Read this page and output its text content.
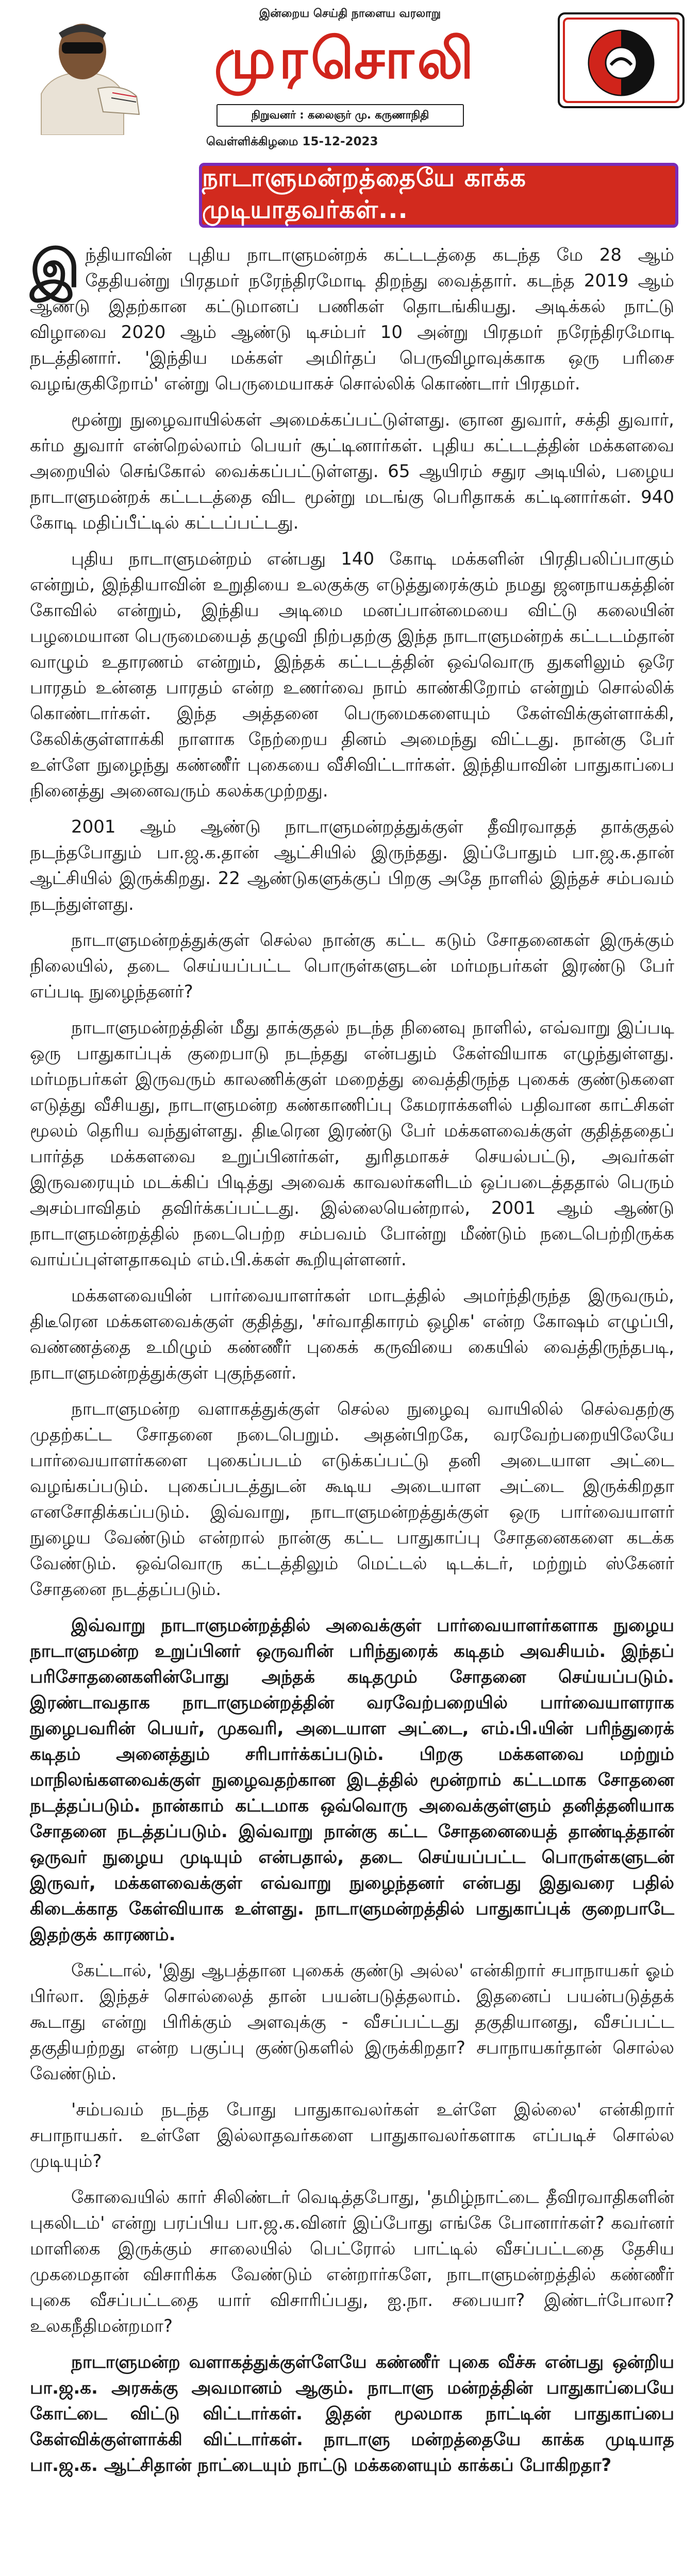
இன்றைய செய்தி நாளைய வரலாறு
முரசொலி
நிறுவனர் : கலைஞர் மு. கருணாநிதி
வெள்ளிக்கிழமை 15-12-2023
நாடாளுமன்றத்தையே காக்க முடியாதவர்கள்...

இந்தியாவின் புதிய நாடாளுமன்றக் கட்டடத்தை கடந்த மே 28 ஆம் தேதியன்று பிரதமர் நரேந்திரமோடி திறந்து வைத்தார். கடந்த 2019 ஆம் ஆண்டு இதற்கான கட்டுமானப் பணிகள் தொடங்கியது. அடிக்கல் நாட்டு விழாவை 2020 ஆம் ஆண்டு டிசம்பர் 10 அன்று பிரதமர் நரேந்திரமோடி நடத்தினார். 'இந்திய மக்கள் அமிர்தப் பெருவிழாவுக்காக ஒரு பரிசை வழங்குகிறோம்' என்று பெருமையாகச் சொல்லிக் கொண்டார் பிரதமர்.

மூன்று நுழைவாயில்கள் அமைக்கப்பட்டுள்ளது. ஞான துவார், சக்தி துவார், கர்ம துவார் என்றெல்லாம் பெயர் சூட்டினார்கள். புதிய கட்டடத்தின் மக்களவை அறையில் செங்கோல் வைக்கப்பட்டுள்ளது. 65 ஆயிரம் சதுர அடியில், பழைய நாடாளுமன்றக் கட்டடத்தை விட மூன்று மடங்கு பெரிதாகக் கட்டினார்கள். 940 கோடி மதிப்பீட்டில் கட்டப்பட்டது.

புதிய நாடாளுமன்றம் என்பது 140 கோடி மக்களின் பிரதிபலிப்பாகும் என்றும், இந்தியாவின் உறுதியை உலகுக்கு எடுத்துரைக்கும் நமது ஜனநாயகத்தின் கோவில் என்றும், இந்திய அடிமை மனப்பான்மையை விட்டு கலையின் பழமையான பெருமையைத் தழுவி நிற்பதற்கு இந்த நாடாளுமன்றக் கட்டடம்தான் வாழும் உதாரணம் என்றும், இந்தக் கட்டடத்தின் ஒவ்வொரு துகளிலும் ஒரே பாரதம் உன்னத பாரதம் என்ற உணர்வை நாம் காண்கிறோம் என்றும் சொல்லிக் கொண்டார்கள். இந்த அத்தனை பெருமைகளையும் கேள்விக்குள்ளாக்கி, கேலிக்குள்ளாக்கி நாளாக நேற்றைய தினம் அமைந்து விட்டது. நான்கு பேர் உள்ளே நுழைந்து கண்ணீர் புகையை வீசிவிட்டார்கள். இந்தியாவின் பாதுகாப்பை நினைத்து அனைவரும் கலக்கமுற்றது.

2001 ஆம் ஆண்டு நாடாளுமன்றத்துக்குள் தீவிரவாதத் தாக்குதல் நடந்தபோதும் பா.ஜ.க.தான் ஆட்சியில் இருந்தது. இப்போதும் பா.ஜ.க.தான் ஆட்சியில் இருக்கிறது. 22 ஆண்டுகளுக்குப் பிறகு அதே நாளில் இந்தச் சம்பவம் நடந்துள்ளது.

நாடாளுமன்றத்துக்குள் செல்ல நான்கு கட்ட கடும் சோதனைகள் இருக்கும் நிலையில், தடை செய்யப்பட்ட பொருள்களுடன் மர்மநபர்கள் இரண்டு பேர் எப்படி நுழைந்தனர்?

நாடாளுமன்றத்தின் மீது தாக்குதல் நடந்த நினைவு நாளில், எவ்வாறு இப்படி ஒரு பாதுகாப்புக் குறைபாடு நடந்தது என்பதும் கேள்வியாக எழுந்துள்ளது. மர்மநபர்கள் இருவரும் காலணிக்குள் மறைத்து வைத்திருந்த புகைக் குண்டுகளை எடுத்து வீசியது, நாடாளுமன்ற கண்காணிப்பு கேமராக்களில் பதிவான காட்சிகள் மூலம் தெரிய வந்துள்ளது. திடீரென இரண்டு பேர் மக்களவைக்குள் குதித்ததைப் பார்த்த மக்களவை உறுப்பினர்கள், துரிதமாகச் செயல்பட்டு, அவர்கள் இருவரையும் மடக்கிப் பிடித்து அவைக் காவலர்களிடம் ஒப்படைத்ததால் பெரும் அசம்பாவிதம் தவிர்க்கப்பட்டது. இல்லையென்றால், 2001 ஆம் ஆண்டு நாடாளுமன்றத்தில் நடைபெற்ற சம்பவம் போன்று மீண்டும் நடைபெற்றிருக்க வாய்ப்புள்ளதாகவும் எம்.பி.க்கள் கூறியுள்ளனர்.

மக்களவையின் பார்வையாளர்கள் மாடத்தில் அமர்ந்திருந்த இருவரும், திடீரென மக்களவைக்குள் குதித்து, 'சர்வாதிகாரம் ஒழிக' என்ற கோஷம் எழுப்பி, வண்ணத்தை உமிழும் கண்ணீர் புகைக் கருவியை கையில் வைத்திருந்தபடி, நாடாளுமன்றத்துக்குள் புகுந்தனர்.

நாடாளுமன்ற வளாகத்துக்குள் செல்ல நுழைவு வாயிலில் செல்வதற்கு முதற்கட்ட சோதனை நடைபெறும். அதன்பிறகே, வரவேற்பறையிலேயே பார்வையாளர்களை புகைப்படம் எடுக்கப்பட்டு தனி அடையாள அட்டை வழங்கப்படும். புகைப்படத்துடன் கூடிய அடையாள அட்டை இருக்கிறதா எனசோதிக்கப்படும். இவ்வாறு, நாடாளுமன்றத்துக்குள் ஒரு பார்வையாளர் நுழைய வேண்டும் என்றால் நான்கு கட்ட பாதுகாப்பு சோதனைகளை கடக்க வேண்டும். ஒவ்வொரு கட்டத்திலும் மெட்டல் டிடக்டர், மற்றும் ஸ்கேனர் சோதனை நடத்தப்படும்.

இவ்வாறு நாடாளுமன்றத்தில் அவைக்குள் பார்வையாளர்களாக நுழைய நாடாளுமன்ற உறுப்பினர் ஒருவரின் பரிந்துரைக் கடிதம் அவசியம். இந்தப் பரிசோதனைகளின்போது அந்தக் கடிதமும் சோதனை செய்யப்படும். இரண்டாவதாக நாடாளுமன்றத்தின் வரவேற்பறையில் பார்வையாளராக நுழைபவரின் பெயர், முகவரி, அடையாள அட்டை, எம்.பி.யின் பரிந்துரைக் கடிதம் அனைத்தும் சரிபார்க்கப்படும். பிறகு மக்களவை மற்றும் மாநிலங்களவைக்குள் நுழைவதற்கான இடத்தில் மூன்றாம் கட்டமாக சோதனை நடத்தப்படும். நான்காம் கட்டமாக ஒவ்வொரு அவைக்குள்ளும் தனித்தனியாக சோதனை நடத்தப்படும். இவ்வாறு நான்கு கட்ட சோதனையைத் தாண்டித்தான் ஒருவர் நுழைய முடியும் என்பதால், தடை செய்யப்பட்ட பொருள்களுடன் இருவர், மக்களவைக்குள் எவ்வாறு நுழைந்தனர் என்பது இதுவரை பதில் கிடைக்காத கேள்வியாக உள்ளது. நாடாளுமன்றத்தில் பாதுகாப்புக் குறைபாடே இதற்குக் காரணம்.

கேட்டால், 'இது ஆபத்தான புகைக் குண்டு அல்ல' என்கிறார் சபாநாயகர் ஓம் பிர்லா. இந்தச் சொல்லைத் தான் பயன்படுத்தலாம். இதனைப் பயன்படுத்தக் கூடாது என்று பிரிக்கும் அளவுக்கு - வீசப்பட்டது தகுதியானது, வீசப்பட்ட தகுதியற்றது என்ற பகுப்பு குண்டுகளில் இருக்கிறதா? சபாநாயகர்தான் சொல்ல வேண்டும்.

'சம்பவம் நடந்த போது பாதுகாவலர்கள் உள்ளே இல்லை' என்கிறார் சபாநாயகர். உள்ளே இல்லாதவர்களை பாதுகாவலர்களாக எப்படிச் சொல்ல முடியும்?

கோவையில் கார் சிலிண்டர் வெடித்தபோது, 'தமிழ்நாட்டை தீவிரவாதிகளின் புகலிடம்' என்று பரப்பிய பா.ஜ.க.வினர் இப்போது எங்கே போனார்கள்? கவர்னர் மாளிகை இருக்கும் சாலையில் பெட்ரோல் பாட்டில் வீசப்பட்டதை தேசிய முகமைதான் விசாரிக்க வேண்டும் என்றார்களே, நாடாளுமன்றத்தில் கண்ணீர் புகை வீசப்பட்டதை யார் விசாரிப்பது, ஐ.நா. சபையா? இண்டர்போலா? உலகநீதிமன்றமா?

நாடாளுமன்ற வளாகத்துக்குள்ளேயே கண்ணீர் புகை வீச்சு என்பது ஒன்றிய பா.ஜ.க. அரசுக்கு அவமானம் ஆகும். நாடாளு மன்றத்தின் பாதுகாப்பையே கோட்டை விட்டு விட்டார்கள். இதன் மூலமாக நாட்டின் பாதுகாப்பை கேள்விக்குள்ளாக்கி விட்டார்கள். நாடாளு மன்றத்தையே காக்க முடியாத பா.ஜ.க. ஆட்சிதான் நாட்டையும் நாட்டு மக்களையும் காக்கப் போகிறதா?
